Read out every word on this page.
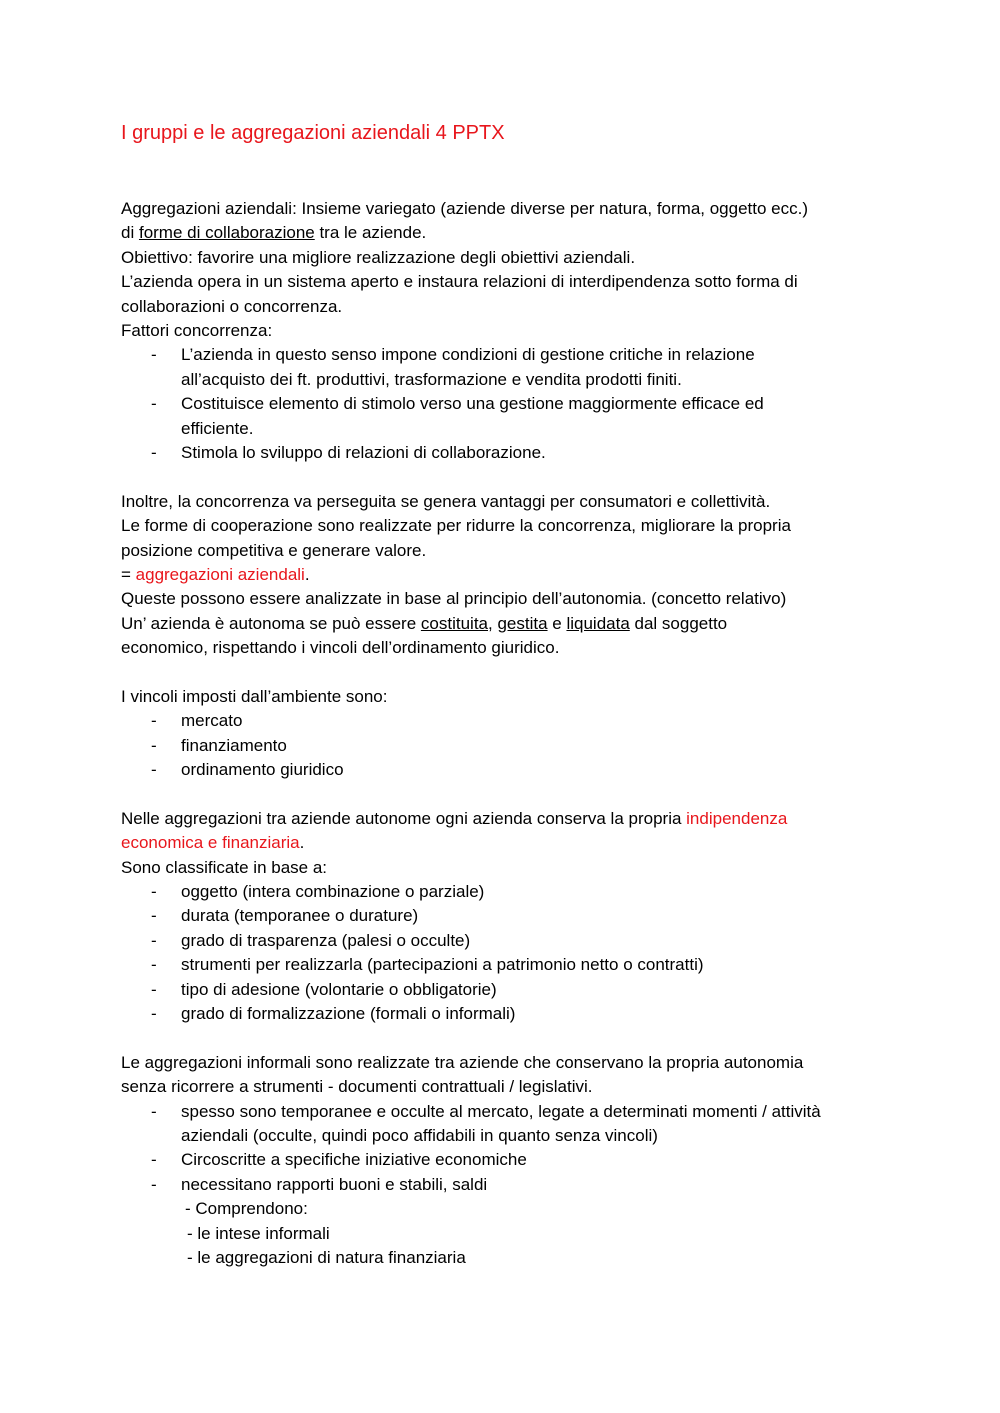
I gruppi e le aggregazioni aziendali 4 PPTX
Aggregazioni aziendali: Insieme variegato (aziende diverse per natura, forma, oggetto ecc.)
di forme di collaborazione tra le aziende.
Obiettivo: favorire una migliore realizzazione degli obiettivi aziendali.
L’azienda opera in un sistema aperto e instaura relazioni di interdipendenza sotto forma di
collaborazioni o concorrenza.
Fattori concorrenza:
- L’azienda in questo senso impone condizioni di gestione critiche in relazione
all’acquisto dei ft. produttivi, trasformazione e vendita prodotti finiti.
- Costituisce elemento di stimolo verso una gestione maggiormente efficace ed
efficiente.
- Stimola lo sviluppo di relazioni di collaborazione.
Inoltre, la concorrenza va perseguita se genera vantaggi per consumatori e collettività.
Le forme di cooperazione sono realizzate per ridurre la concorrenza, migliorare la propria
posizione competitiva e generare valore.
= aggregazioni aziendali.
Queste possono essere analizzate in base al principio dell’autonomia. (concetto relativo)
Un’ azienda è autonoma se può essere costituita, gestita e liquidata dal soggetto
economico, rispettando i vincoli dell’ordinamento giuridico.
I vincoli imposti dall’ambiente sono:
- mercato
- finanziamento
- ordinamento giuridico
Nelle aggregazioni tra aziende autonome ogni azienda conserva la propria indipendenza
economica e finanziaria.
Sono classificate in base a:
- oggetto (intera combinazione o parziale)
- durata (temporanee o durature)
- grado di trasparenza (palesi o occulte)
- strumenti per realizzarla (partecipazioni a patrimonio netto o contratti)
- tipo di adesione (volontarie o obbligatorie)
- grado di formalizzazione (formali o informali)
Le aggregazioni informali sono realizzate tra aziende che conservano la propria autonomia
senza ricorrere a strumenti - documenti contrattuali / legislativi.
- spesso sono temporanee e occulte al mercato, legate a determinati momenti / attività
aziendali (occulte, quindi poco affidabili in quanto senza vincoli)
- Circoscritte a specifiche iniziative economiche
- necessitano rapporti buoni e stabili, saldi
- Comprendono:
- le intese informali
- le aggregazioni di natura finanziaria
